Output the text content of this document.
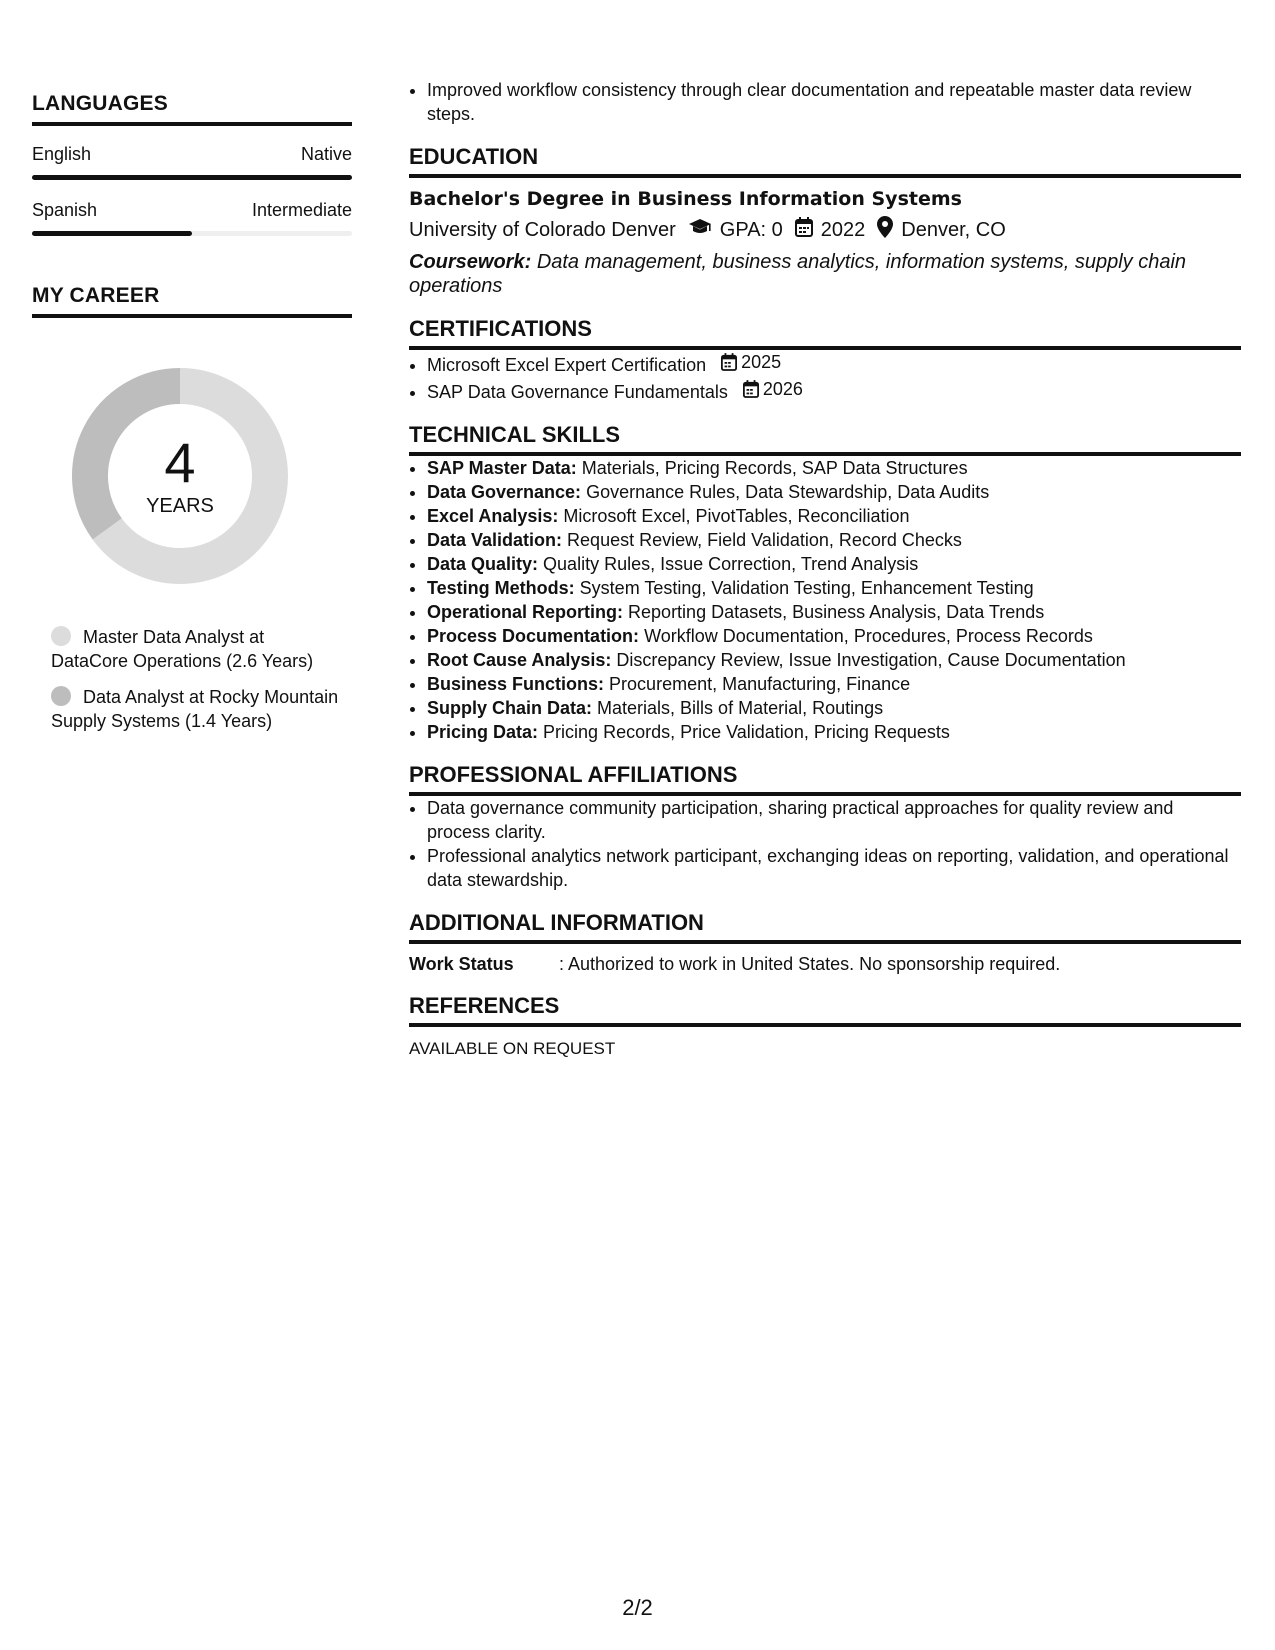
LANGUAGES
English	Native
Spanish	Intermediate
MY CAREER
4
YEARS
Master Data Analyst at DataCore Operations (2.6 Years)
Data Analyst at Rocky Mountain Supply Systems (1.4 Years)
• Improved workflow consistency through clear documentation and repeatable master data review steps.
EDUCATION
Bachelor's Degree in Business Information Systems
University of Colorado Denver GPA: 0 2022 Denver, CO
Coursework: Data management, business analytics, information systems, supply chain operations
CERTIFICATIONS
• Microsoft Excel Expert Certification 2025
• SAP Data Governance Fundamentals 2026
TECHNICAL SKILLS
• SAP Master Data: Materials, Pricing Records, SAP Data Structures
• Data Governance: Governance Rules, Data Stewardship, Data Audits
• Excel Analysis: Microsoft Excel, PivotTables, Reconciliation
• Data Validation: Request Review, Field Validation, Record Checks
• Data Quality: Quality Rules, Issue Correction, Trend Analysis
• Testing Methods: System Testing, Validation Testing, Enhancement Testing
• Operational Reporting: Reporting Datasets, Business Analysis, Data Trends
• Process Documentation: Workflow Documentation, Procedures, Process Records
• Root Cause Analysis: Discrepancy Review, Issue Investigation, Cause Documentation
• Business Functions: Procurement, Manufacturing, Finance
• Supply Chain Data: Materials, Bills of Material, Routings
• Pricing Data: Pricing Records, Price Validation, Pricing Requests
PROFESSIONAL AFFILIATIONS
• Data governance community participation, sharing practical approaches for quality review and process clarity.
• Professional analytics network participant, exchanging ideas on reporting, validation, and operational data stewardship.
ADDITIONAL INFORMATION
Work Status	: Authorized to work in United States. No sponsorship required.
REFERENCES
AVAILABLE ON REQUEST
2/2
